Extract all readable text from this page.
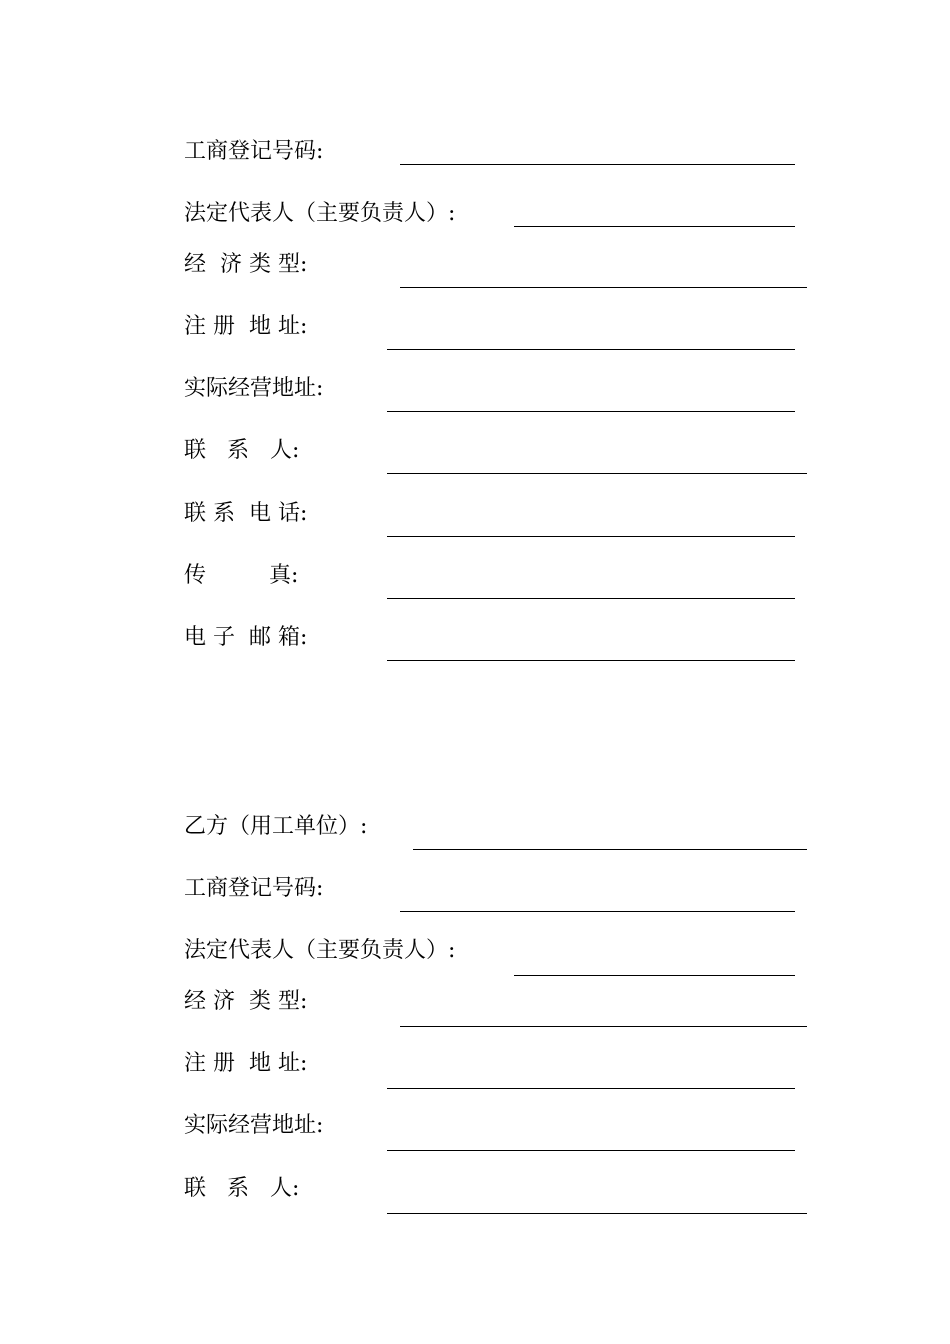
工商登记号码:
法定代表人（主要负责人）:
经  济 类 型:
注 册  地 址:
实际经营地址:
联   系   人:
联 系  电 话:
传         真:
电 子  邮 箱:
乙方（用工单位）:
工商登记号码:
法定代表人（主要负责人）:
经 济  类 型:
注 册  地 址:
实际经营地址:
联   系   人:
